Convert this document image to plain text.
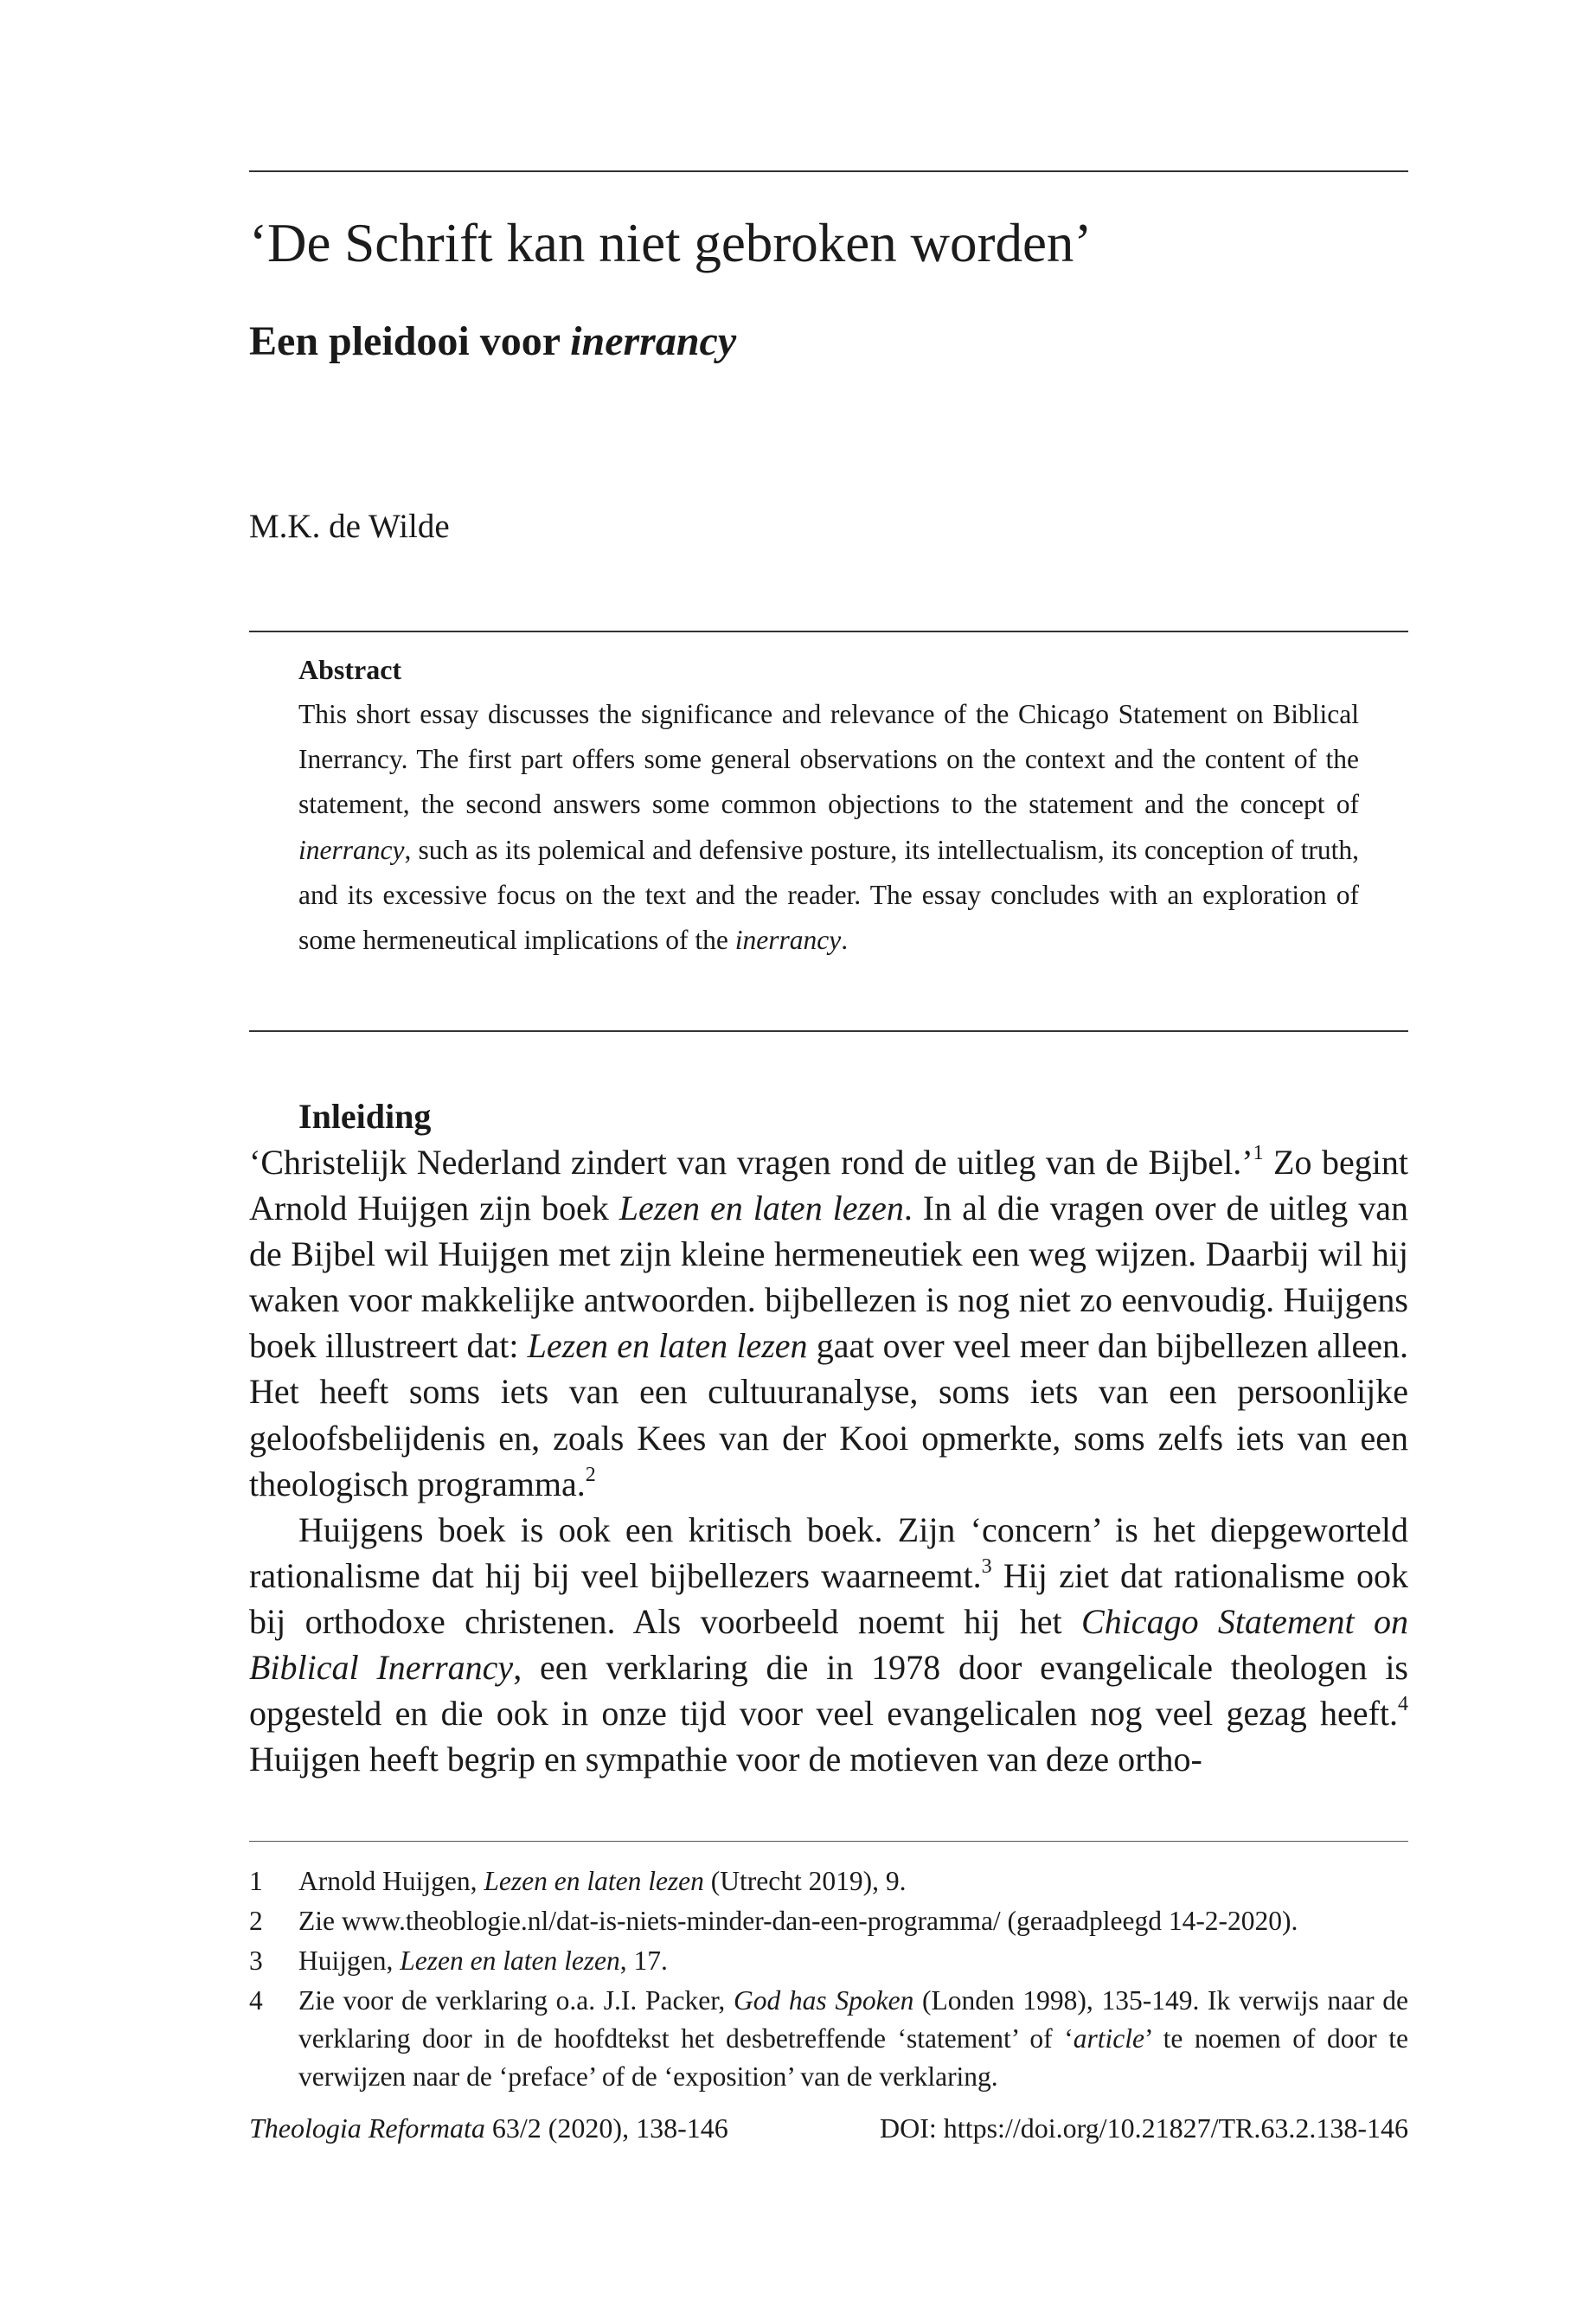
‘De Schrift kan niet gebroken worden’
Een pleidooi voor inerrancy
M.K. de Wilde
Abstract

This short essay discusses the significance and relevance of the Chicago Statement on Biblical Inerrancy. The first part offers some general observations on the context and the content of the statement, the second answers some common objections to the statement and the concept of inerrancy, such as its polemical and defensive posture, its intellectualism, its conception of truth, and its excessive focus on the text and the reader. The essay concludes with an exploration of some hermeneutical implications of the inerrancy.

Inleiding

‘Christelijk Nederland zindert van vragen rond de uitleg van de Bijbel.’$^1$ Zo begint Arnold Huijgen zijn boek Lezen en laten lezen. In al die vragen over de uitleg van de Bijbel wil Huijgen met zijn kleine hermeneutiek een weg wijzen. Daarbij wil hij waken voor makkelijke antwoorden. bijbellezen is nog niet zo eenvoudig. Huijgens boek illustreert dat: Lezen en laten lezen gaat over veel meer dan bijbellezen alleen. Het heeft soms iets van een cultuuranalyse, soms iets van een persoonlijke geloofsbelijdenis en, zoals Kees van der Kooi opmerkte, soms zelfs iets van een theologisch programma.$^2$

Huijgens boek is ook een kritisch boek. Zijn ‘concern’ is het diepgeworteld rationalisme dat hij bij veel bijbellezers waarneemt.$^3$ Hij ziet dat rationalisme ook bij orthodoxe christenen. Als voorbeeld noemt hij het Chicago Statement on Biblical Inerrancy, een verklaring die in 1978 door evangelicale theologen is opgesteld en die ook in onze tijd voor veel evangelicalen nog veel gezag heeft.$^4$ Huijgen heeft begrip en sympathie voor de motieven van deze ortho-

1	Arnold Huijgen, Lezen en laten lezen (Utrecht 2019), 9.
2	Zie www.theoblogie.nl/dat-is-niets-minder-dan-een-programma/ (geraadpleegd 14-2-2020).
3	Huijgen, Lezen en laten lezen, 17.
4	Zie voor de verklaring o.a. J.I. Packer, God has Spoken (Londen 1998), 135-149. Ik verwijs naar de verklaring door in de hoofdtekst het desbetreffende ‘statement’ of ‘article’ te noemen of door te verwijzen naar de ‘preface’ of de ‘exposition’ van de verklaring.
Theologia Reformata 63/2 (2020), 138-146	DOI: https://doi.org/10.21827/TR.63.2.138-146
